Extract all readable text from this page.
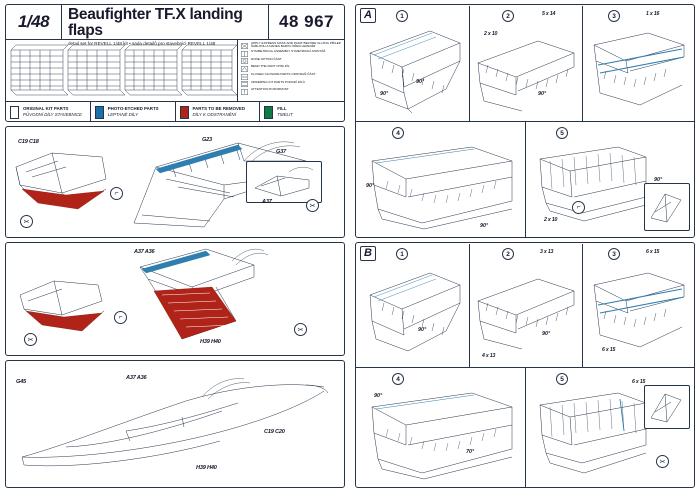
1/48	Beaufighter TF.X landing flaps
detail set for REVELL 1/48 kit • sada detailů pro stavebnici REVELL 1/48
48 967
APPLY EXPRESS MASK AND PAINT BEFORE GLUING PŘILEP ŠABLONU A NANES BARVU PŘED LEPENÍM
SYMMETRICAL ASSEMBLY SYMETRICKÁ MONTÁŽ
NONE OPTION ČÁST
BEND THE PART OHNI DÍL
CLOSED CLOSURE PARTS ODSTRAŇ ČÁST
ORDERING KIT PARTS PORADÍ DÍLŮ
ATTENTION POZORNOST
ORIGINAL KIT PARTS
PŮVODNÍ DÍLY STAVEBNICE
PHOTO-ETCHED PARTS
LEPTANÉ DÍLY
PARTS TO BE REMOVED
DÍLY K ODSTRANĚNÍ
FILL
TMELIT
C19 C18	G23
G37
A37
✂
⌐
✂
A37 A36
H39 H40
✂
⌐
✂
G45
A37 A36
C19 C20
H39 H40
A	1
90°
90°
2	5 x 14
2 x 10
90°
3	1 x 16
4
90°
90°
5
2 x 10
90°
⌐
B	1
90°
2	3 x 13
90°
4 x 13
3	6 x 15
6 x 15
4
90°
70°
5	6 x 15
✂
